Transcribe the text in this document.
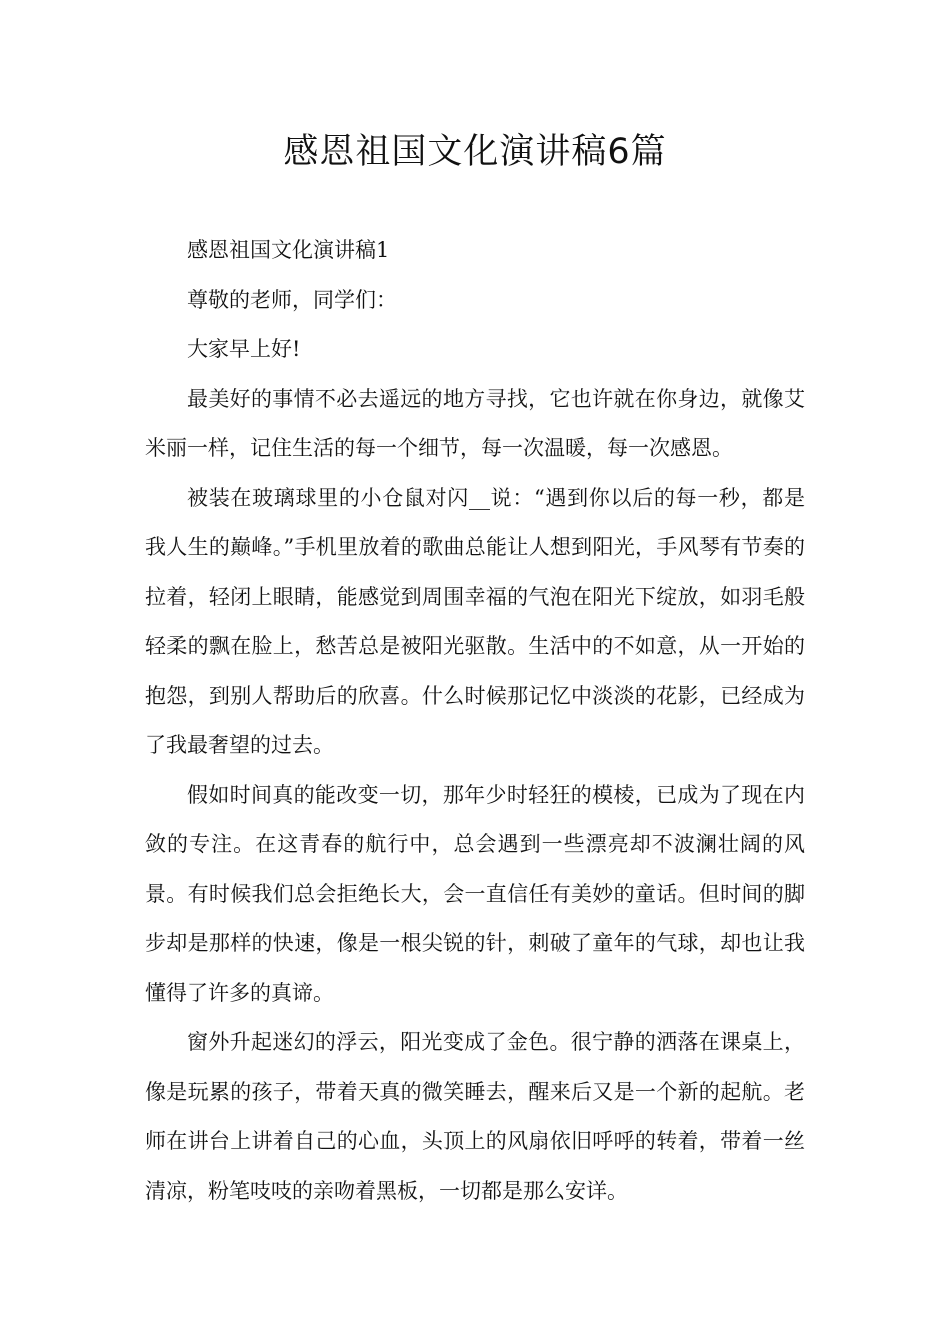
感恩祖国文化演讲稿6篇

感恩祖国文化演讲稿1

尊敬的老师，同学们：

大家早上好!

最美好的事情不必去遥远的地方寻找，它也许就在你身边，就像艾米丽一样，记住生活的每一个细节，每一次温暖，每一次感恩。

被装在玻璃球里的小仓鼠对闪__说：“遇到你以后的每一秒，都是我人生的巅峰。”手机里放着的歌曲总能让人想到阳光，手风琴有节奏的拉着，轻闭上眼睛，能感觉到周围幸福的气泡在阳光下绽放，如羽毛般轻柔的飘在脸上，愁苦总是被阳光驱散。生活中的不如意，从一开始的抱怨，到别人帮助后的欣喜。什么时候那记忆中淡淡的花影，已经成为了我最奢望的过去。

假如时间真的能改变一切，那年少时轻狂的模棱，已成为了现在内敛的专注。在这青春的航行中，总会遇到一些漂亮却不波澜壮阔的风景。有时候我们总会拒绝长大，会一直信任有美妙的童话。但时间的脚步却是那样的快速，像是一根尖锐的针，刺破了童年的气球，却也让我懂得了许多的真谛。

窗外升起迷幻的浮云，阳光变成了金色。很宁静的洒落在课桌上，像是玩累的孩子，带着天真的微笑睡去，醒来后又是一个新的起航。老师在讲台上讲着自己的心血，头顶上的风扇依旧呼呼的转着，带着一丝清凉，粉笔吱吱的亲吻着黑板，一切都是那么安详。
